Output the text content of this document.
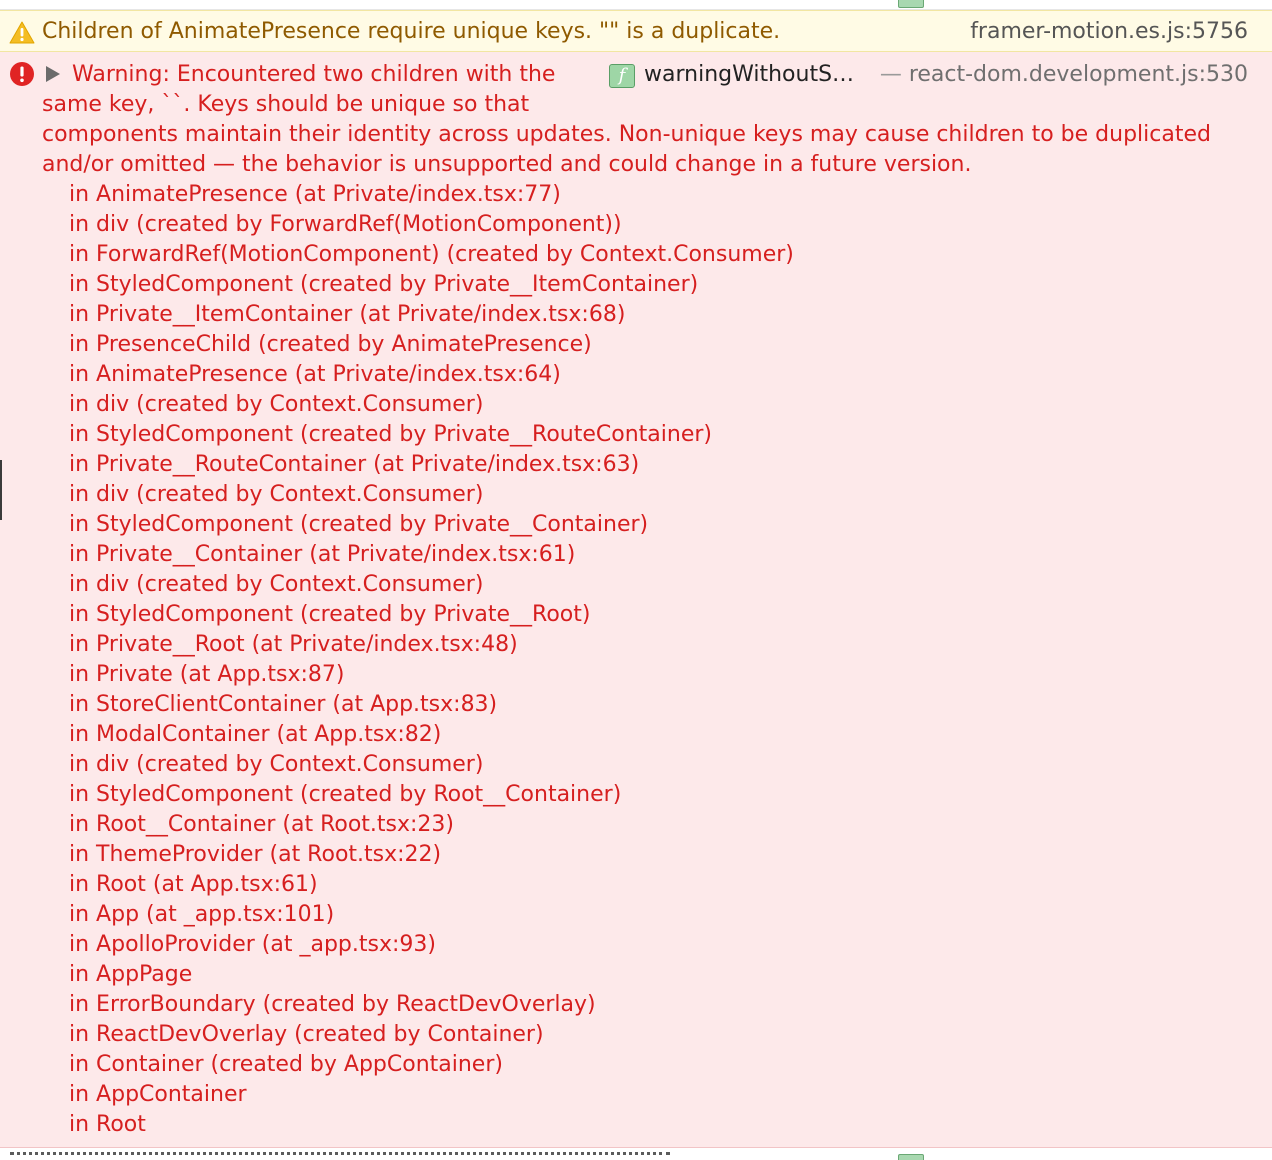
Children of AnimatePresence require unique keys. "" is a duplicate.	framer-motion.es.js:5756
Warning: Encountered two children with the
same key, ``. Keys should be unique so that
f warningWithoutS… — react-dom.development.js:530
components maintain their identity across updates. Non-unique keys may cause children to be duplicated
and/or omitted — the behavior is unsupported and could change in a future version.
in AnimatePresence (at Private/index.tsx:77)
in div (created by ForwardRef(MotionComponent))
in ForwardRef(MotionComponent) (created by Context.Consumer)
in StyledComponent (created by Private__ItemContainer)
in Private__ItemContainer (at Private/index.tsx:68)
in PresenceChild (created by AnimatePresence)
in AnimatePresence (at Private/index.tsx:64)
in div (created by Context.Consumer)
in StyledComponent (created by Private__RouteContainer)
in Private__RouteContainer (at Private/index.tsx:63)
in div (created by Context.Consumer)
in StyledComponent (created by Private__Container)
in Private__Container (at Private/index.tsx:61)
in div (created by Context.Consumer)
in StyledComponent (created by Private__Root)
in Private__Root (at Private/index.tsx:48)
in Private (at App.tsx:87)
in StoreClientContainer (at App.tsx:83)
in ModalContainer (at App.tsx:82)
in div (created by Context.Consumer)
in StyledComponent (created by Root__Container)
in Root__Container (at Root.tsx:23)
in ThemeProvider (at Root.tsx:22)
in Root (at App.tsx:61)
in App (at _app.tsx:101)
in ApolloProvider (at _app.tsx:93)
in AppPage
in ErrorBoundary (created by ReactDevOverlay)
in ReactDevOverlay (created by Container)
in Container (created by AppContainer)
in AppContainer
in Root
